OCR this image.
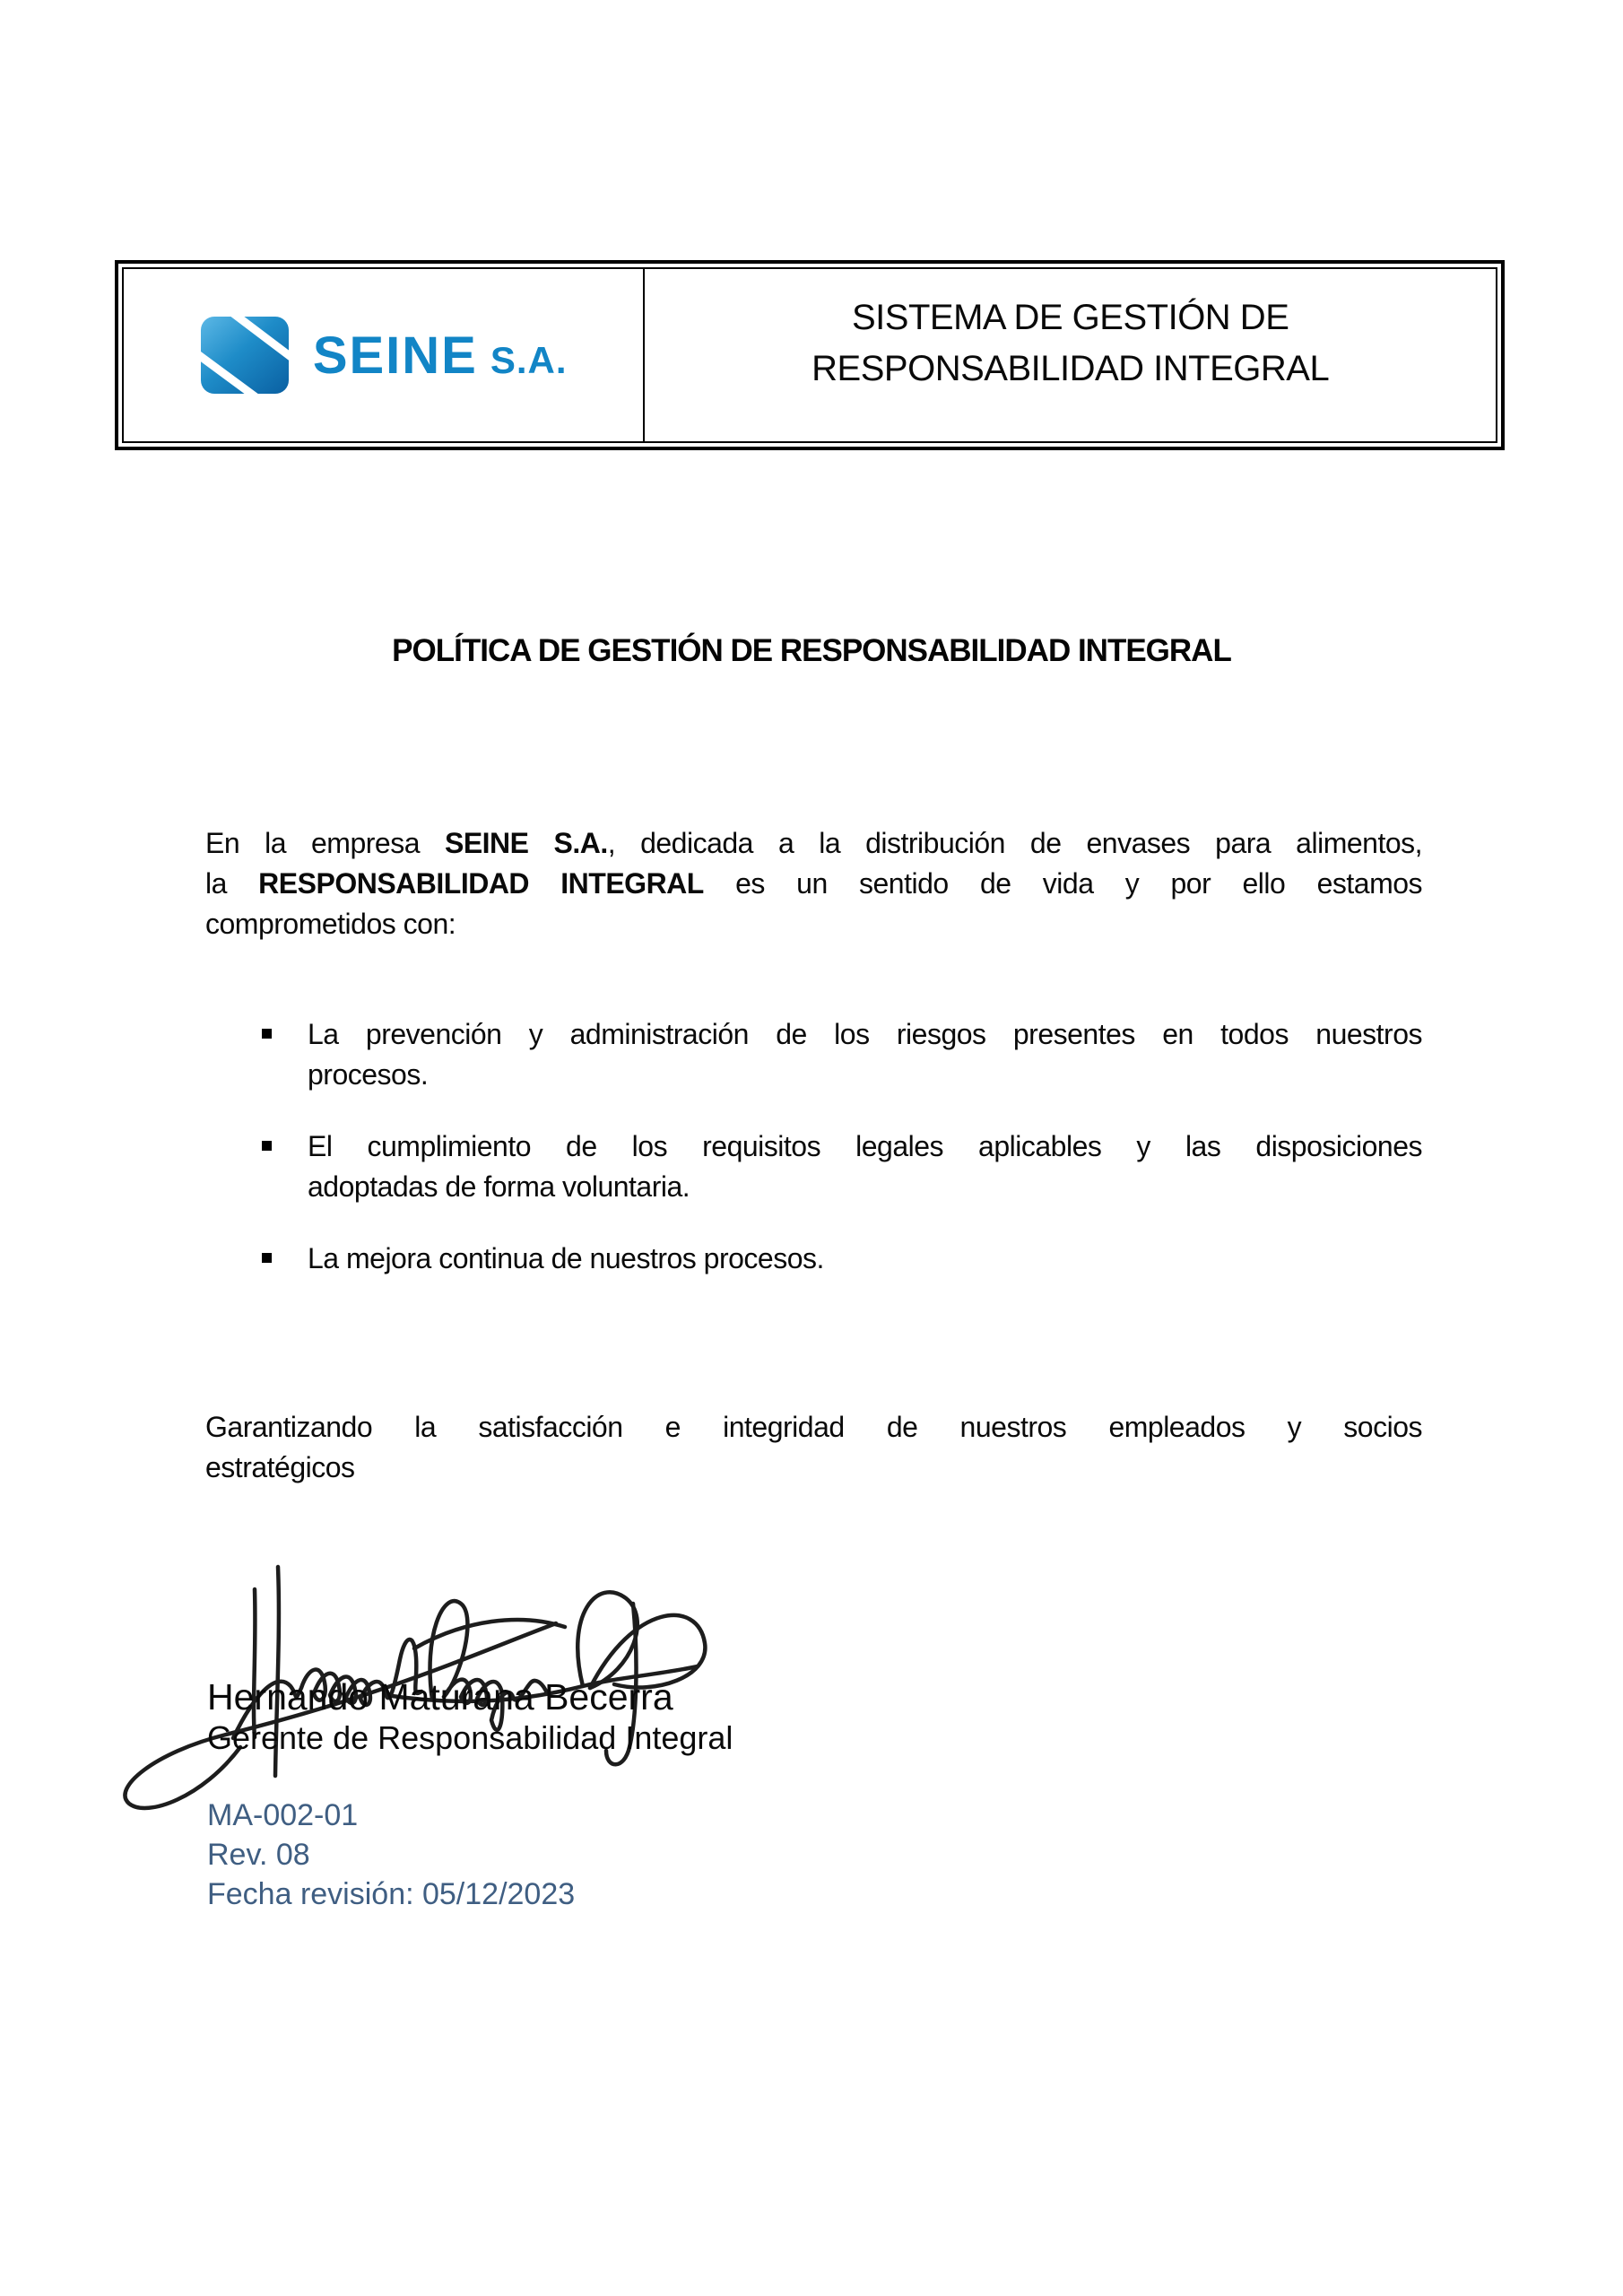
SEINE S.A.
SISTEMA DE GESTIÓN DE
RESPONSABILIDAD INTEGRAL
POLÍTICA DE GESTIÓN DE RESPONSABILIDAD INTEGRAL
En la empresa SEINE S.A., dedicada a la distribución de envases para alimentos,
la RESPONSABILIDAD INTEGRAL es un sentido de vida y por ello estamos
comprometidos con:
La prevención y administración de los riesgos presentes en todos nuestros
procesos.
El cumplimiento de los requisitos legales aplicables y las disposiciones
adoptadas de forma voluntaria.
La mejora continua de nuestros procesos.
Garantizando la satisfacción e integridad de nuestros empleados y socios
estratégicos
Hernando Maturana Becerra
Gerente de Responsabilidad Integral
MA-002-01
Rev. 08
Fecha revisión: 05/12/2023
